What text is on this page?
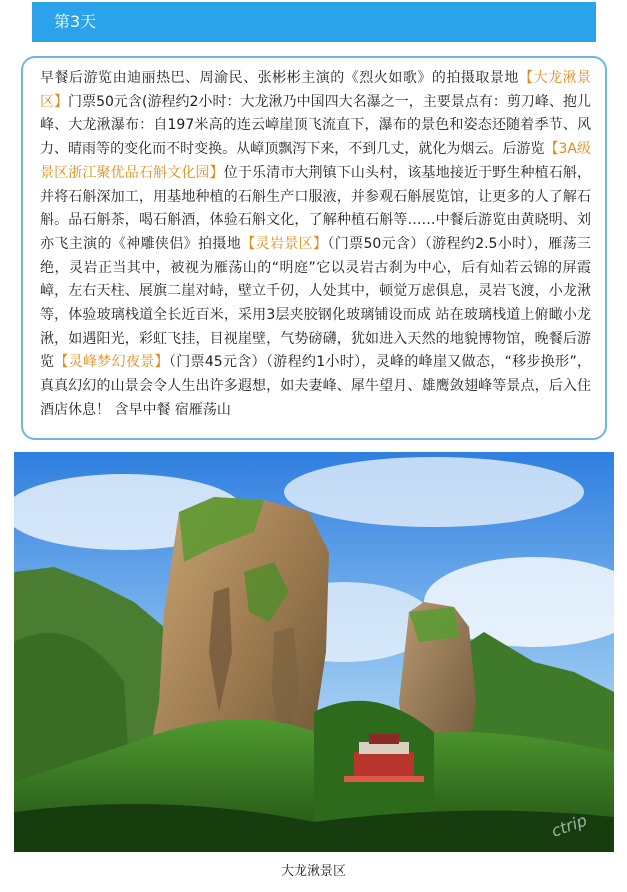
第3天

早餐后游览由迪丽热巴、周渝民、张彬彬主演的《烈火如歌》的拍摄取景地【大龙湫景区】门票50元含(游程约2小时：大龙湫乃中国四大名瀑之一，主要景点有：剪刀峰、抱儿峰、大龙湫瀑布：自197米高的连云嶂崖顶飞流直下，瀑布的景色和姿态还随着季节、风力、晴雨等的变化而不时变换。从嶂顶飘泻下来，不到几丈，就化为烟云。后游览【3A级景区浙江聚优品石斛文化园】位于乐清市大荆镇下山头村，该基地接近于野生种植石斛，并将石斛深加工，用基地种植的石斛生产口服液，并参观石斛展览馆，让更多的人了解石斛。品石斛茶，喝石斛酒，体验石斛文化，了解种植石斛等……中餐后游览由黄晓明、刘亦飞主演的《神雕侠侣》拍摄地【灵岩景区】（门票50元含）（游程约2.5小时），雁荡三绝，灵岩正当其中，被视为雁荡山的“明庭”它以灵岩古刹为中心，后有灿若云锦的屏霞嶂，左右天柱、展旗二崖对峙，壁立千仞，人处其中，顿觉万虑俱息，灵岩飞渡，小龙湫等，体验玻璃栈道全长近百米，采用3层夹胶钢化玻璃铺设而成 站在玻璃栈道上俯瞰小龙湫，如遇阳光，彩虹飞挂，目视崖壁，气势磅礴，犹如进入天然的地貌博物馆，晚餐后游览【灵峰梦幻夜景】（门票45元含）（游程约1小时），灵峰的峰崖又做态，“移步换形”，真真幻幻的山景会令人生出许多遐想，如夫妻峰、犀牛望月、雄鹰敛翅峰等景点，后入住酒店休息！ 含早中餐 宿雁荡山

ctrip
大龙湫景区
